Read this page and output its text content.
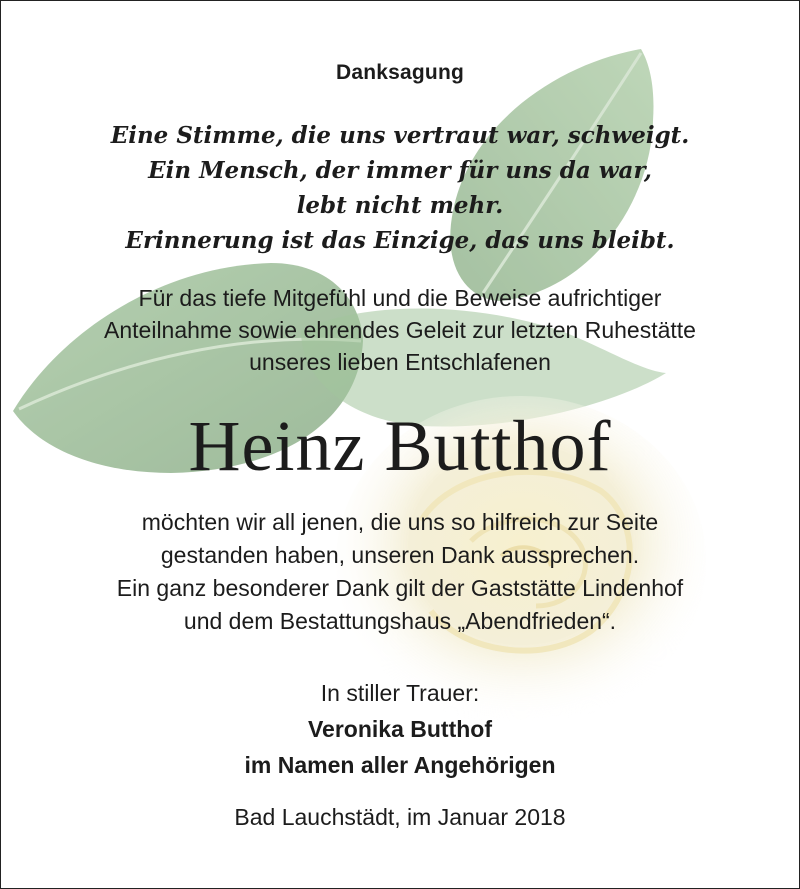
Danksagung
Eine Stimme, die uns vertraut war, schweigt.
Ein Mensch, der immer für uns da war,
lebt nicht mehr.
Erinnerung ist das Einzige, das uns bleibt.
Für das tiefe Mitgefühl und die Beweise aufrichtiger
Anteilnahme sowie ehrendes Geleit zur letzten Ruhestätte
unseres lieben Entschlafenen
Heinz Butthof
möchten wir all jenen, die uns so hilfreich zur Seite
gestanden haben, unseren Dank aussprechen.
Ein ganz besonderer Dank gilt der Gaststätte Lindenhof
und dem Bestattungshaus „Abendfrieden“.
In stiller Trauer:
Veronika Butthof
im Namen aller Angehörigen
Bad Lauchstädt, im Januar 2018
